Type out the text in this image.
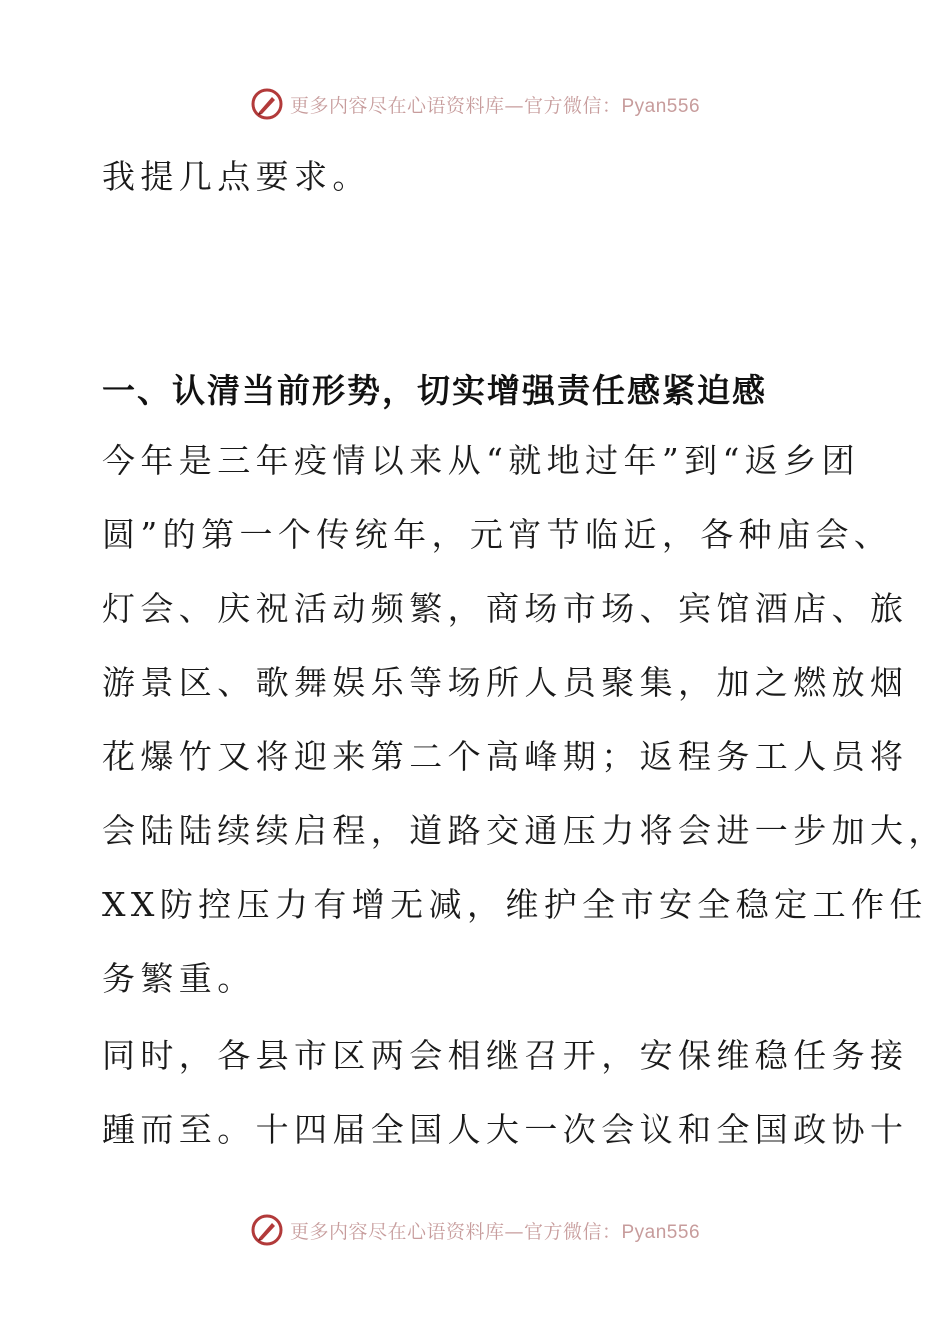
更多内容尽在心语资料库—官方微信：Pyan556

我提几点要求。

一、认清当前形势，切实增强责任感紧迫感

今年是三年疫情以来从“就地过年”到“返乡团

圆”的第一个传统年，元宵节临近，各种庙会、

灯会、庆祝活动频繁，商场市场、宾馆酒店、旅

游景区、歌舞娱乐等场所人员聚集，加之燃放烟

花爆竹又将迎来第二个高峰期；返程务工人员将

会陆陆续续启程，道路交通压力将会进一步加大，

XX防控压力有增无减，维护全市安全稳定工作任

务繁重。

同时，各县市区两会相继召开，安保维稳任务接

踵而至。十四届全国人大一次会议和全国政协十

更多内容尽在心语资料库—官方微信：Pyan556
